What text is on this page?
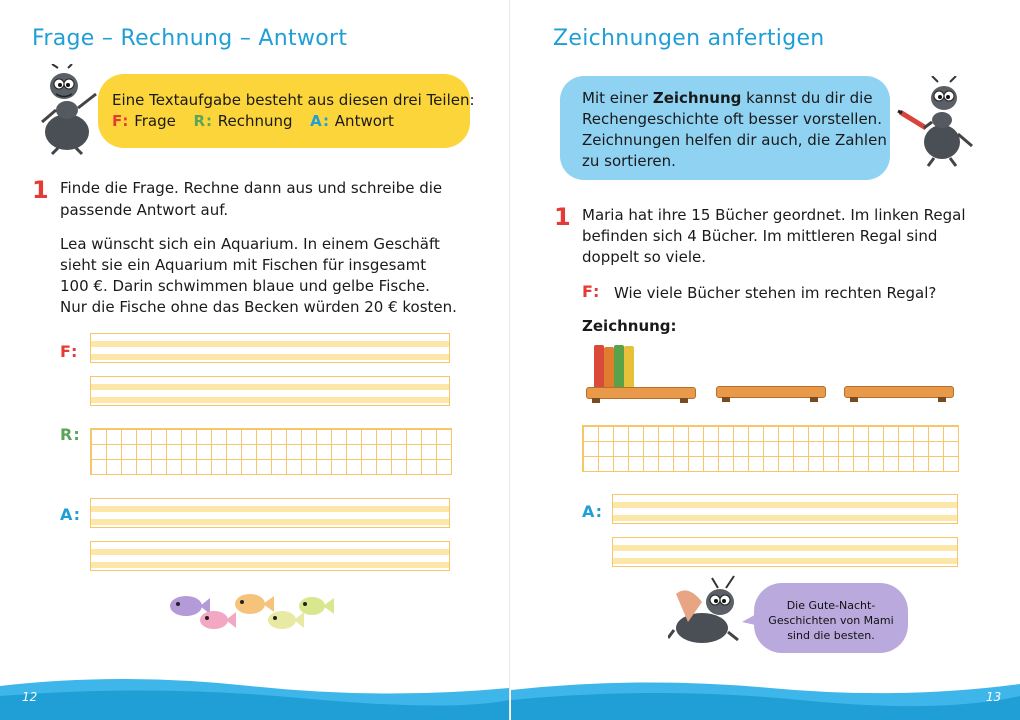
Frage – Rechnung – Antwort
Eine Textaufgabe besteht aus diesen drei Teilen:
F: Frage R: Rechnung A: Antwort
1 Finde die Frage. Rechne dann aus und schreibe die
passende Antwort auf.
Lea wünscht sich ein Aquarium. In einem Geschäft
sieht sie ein Aquarium mit Fischen für insgesamt
100 €. Darin schwimmen blaue und gelbe Fische.
Nur die Fische ohne das Becken würden 20 € kosten.
F:
R:
A:
Zeichnungen anfertigen
Mit einer Zeichnung kannst du dir die
Rechengeschichte oft besser vorstellen.
Zeichnungen helfen dir auch, die Zahlen
zu sortieren.
1 Maria hat ihre 15 Bücher geordnet. Im linken Regal
befinden sich 4 Bücher. Im mittleren Regal sind
doppelt so viele.
F: Wie viele Bücher stehen im rechten Regal?
Zeichnung:
A:
Die Gute-Nacht-
Geschichten von Mami
sind die besten.
12	13
